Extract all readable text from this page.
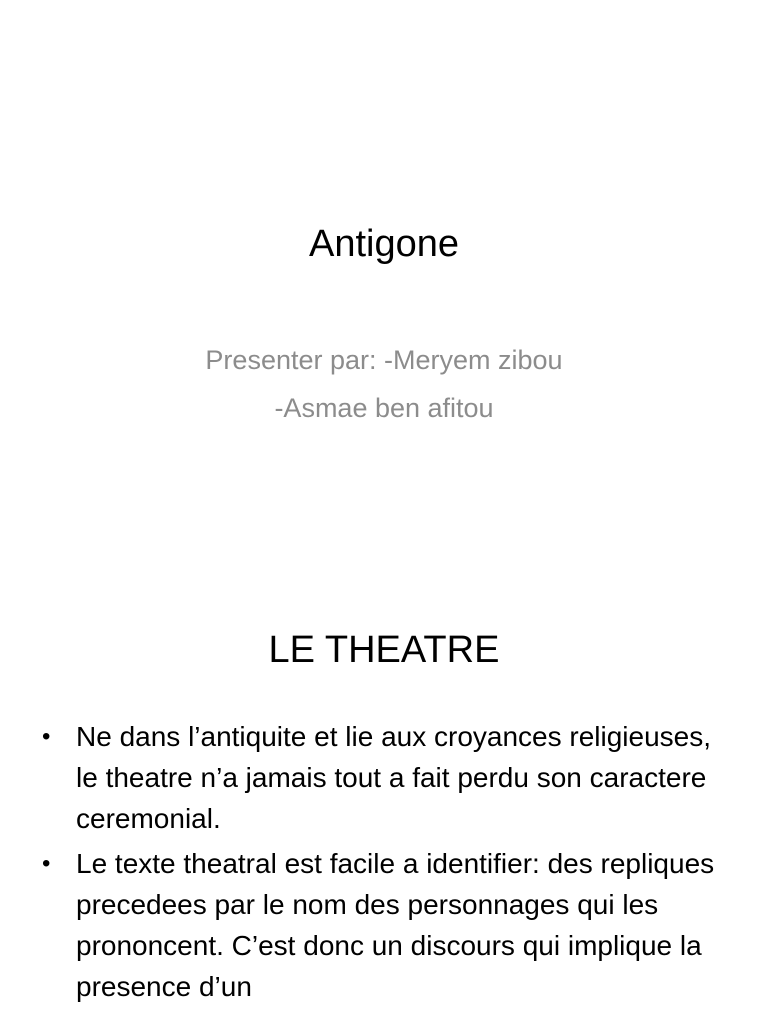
Antigone
Presenter par: -Meryem zibou
-Asmae ben afitou
LE THEATRE
• Ne dans l’antiquite et lie aux croyances religieuses, le theatre n’a jamais tout a fait perdu son caractere ceremonial.
• Le texte theatral est facile a identifier: des repliques precedees par le nom des personnages qui les prononcent. C’est donc un discours qui implique la presence d’un
